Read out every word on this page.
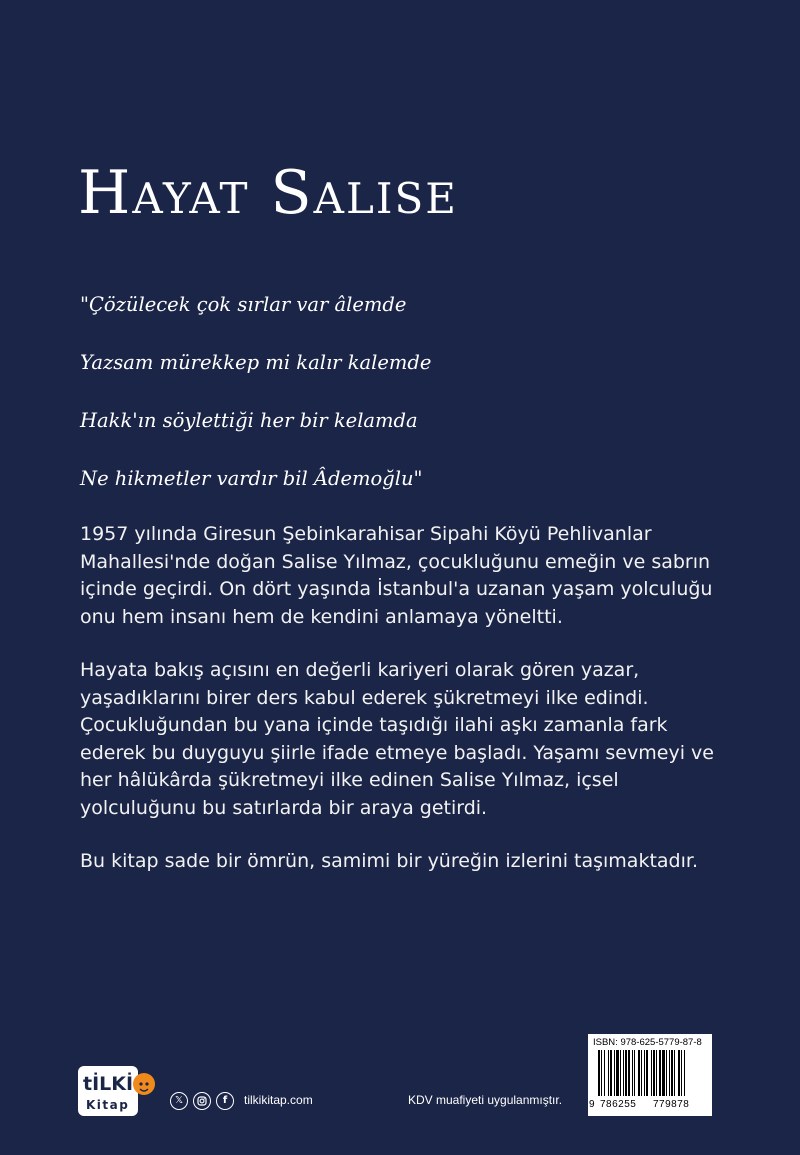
Hayat Salise
"Çözülecek çok sırlar var âlemde
Yazsam mürekkep mi kalır kalemde
Hakk'ın söylettiği her bir kelamda
Ne hikmetler vardır bil Âdemoğlu"

1957 yılında Giresun Şebinkarahisar Sipahi Köyü Pehlivanlar Mahallesi'nde doğan Salise Yılmaz, çocukluğunu emeğin ve sabrın içinde geçirdi. On dört yaşında İstanbul'a uzanan yaşam yolculuğu onu hem insanı hem de kendini anlamaya yöneltti.

Hayata bakış açısını en değerli kariyeri olarak gören yazar, yaşadıklarını birer ders kabul ederek şükretmeyi ilke edindi. Çocukluğundan bu yana içinde taşıdığı ilahi aşkı zamanla fark ederek bu duyguyu şiirle ifade etmeye başladı. Yaşamı sevmeyi ve her hâlükârda şükretmeyi ilke edinen Salise Yılmaz, içsel yolculuğunu bu satırlarda bir araya getirdi.

Bu kitap sade bir ömrün, samimi bir yüreğin izlerini taşımaktadır.

tİLKİ
Kitap	𝕏	f	tilkikitap.com	KDV muafiyeti uygulanmıştır.
ISBN: 978-625-5779-87-8
9 786255 779878
